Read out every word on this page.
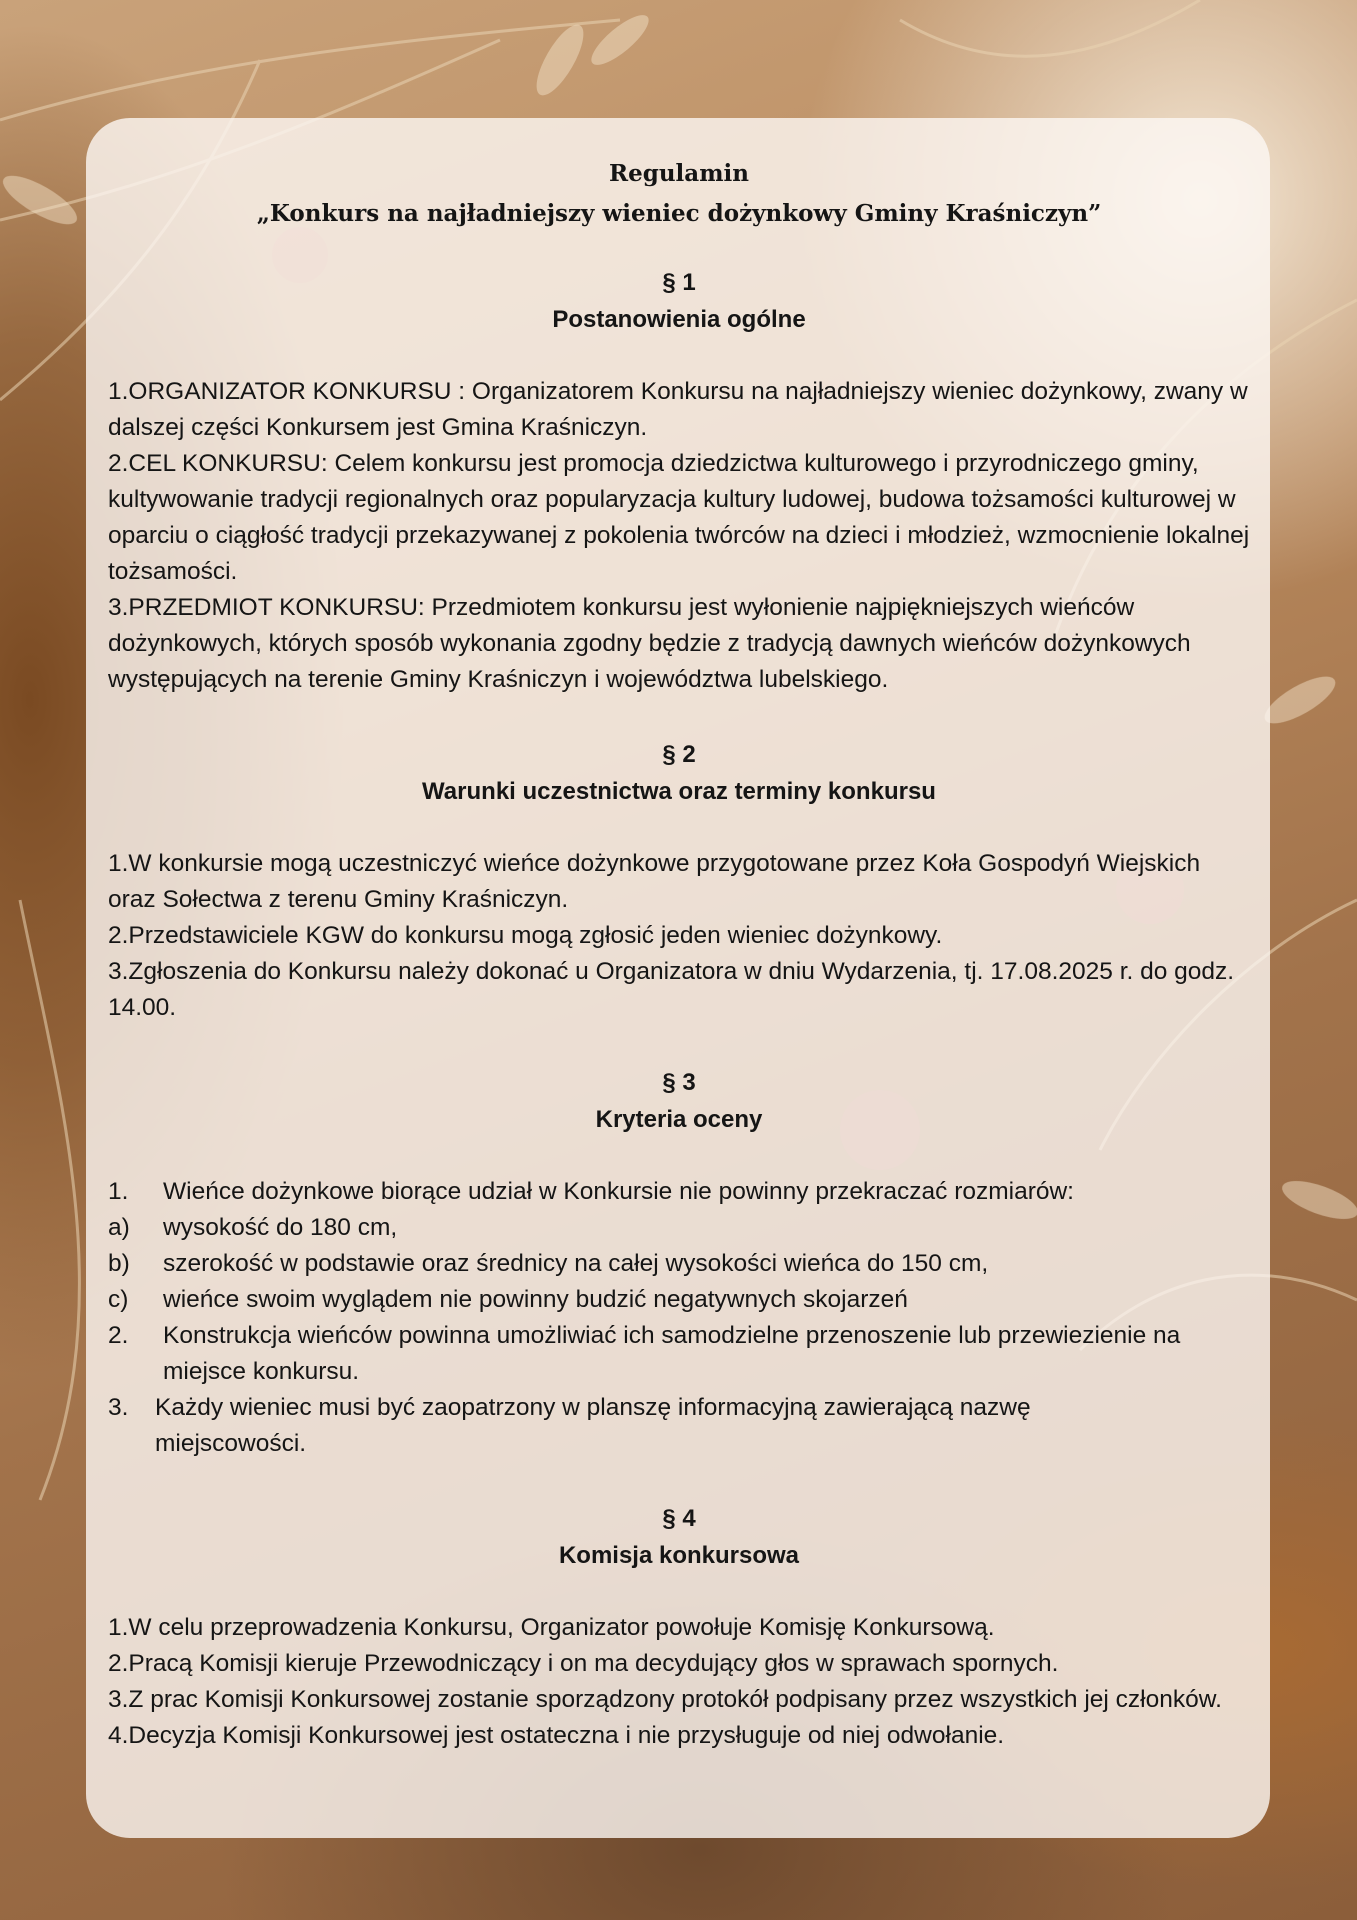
Regulamin
„Konkurs na najładniejszy wieniec dożynkowy Gminy Kraśniczyn”
§ 1
Postanowienia ogólne

1.ORGANIZATOR KONKURSU : Organizatorem Konkursu na najładniejszy wieniec dożynkowy, zwany w dalszej części Konkursem jest Gmina Kraśniczyn.

2.CEL KONKURSU: Celem konkursu jest promocja dziedzictwa kulturowego i przyrodniczego gminy, kultywowanie tradycji regionalnych oraz popularyzacja kultury ludowej, budowa tożsamości kulturowej w oparciu o ciągłość tradycji przekazywanej z pokolenia twórców na dzieci i młodzież, wzmocnienie lokalnej tożsamości.

3.PRZEDMIOT KONKURSU: Przedmiotem konkursu jest wyłonienie najpiękniejszych wieńców dożynkowych, których sposób wykonania zgodny będzie z tradycją dawnych wieńców dożynkowych występujących na terenie Gminy Kraśniczyn i województwa lubelskiego.

§ 2
Warunki uczestnictwa oraz terminy konkursu

1.W konkursie mogą uczestniczyć wieńce dożynkowe przygotowane przez Koła Gospodyń Wiejskich oraz Sołectwa z terenu Gminy Kraśniczyn.

2.Przedstawiciele KGW do konkursu mogą zgłosić jeden wieniec dożynkowy.

3.Zgłoszenia do Konkursu należy dokonać u Organizatora w dniu Wydarzenia, tj. 17.08.2025 r. do godz. 14.00.

§ 3
Kryteria oceny
1.	Wieńce dożynkowe biorące udział w Konkursie nie powinny przekraczać rozmiarów:
a)	wysokość do 180 cm,
b)	szerokość w podstawie oraz średnicy na całej wysokości wieńca do 150 cm,
c)	wieńce swoim wyglądem nie powinny budzić negatywnych skojarzeń
2.	Konstrukcja wieńców powinna umożliwiać ich samodzielne przenoszenie lub przewiezienie na miejsce konkursu.
3.	Każdy wieniec musi być zaopatrzony w planszę informacyjną zawierającą nazwę miejscowości.
§ 4
Komisja konkursowa

1.W celu przeprowadzenia Konkursu, Organizator powołuje Komisję Konkursową.

2.Pracą Komisji kieruje Przewodniczący i on ma decydujący głos w sprawach spornych.

3.Z prac Komisji Konkursowej zostanie sporządzony protokół podpisany przez wszystkich jej członków.

4.Decyzja Komisji Konkursowej jest ostateczna i nie przysługuje od niej odwołanie.
